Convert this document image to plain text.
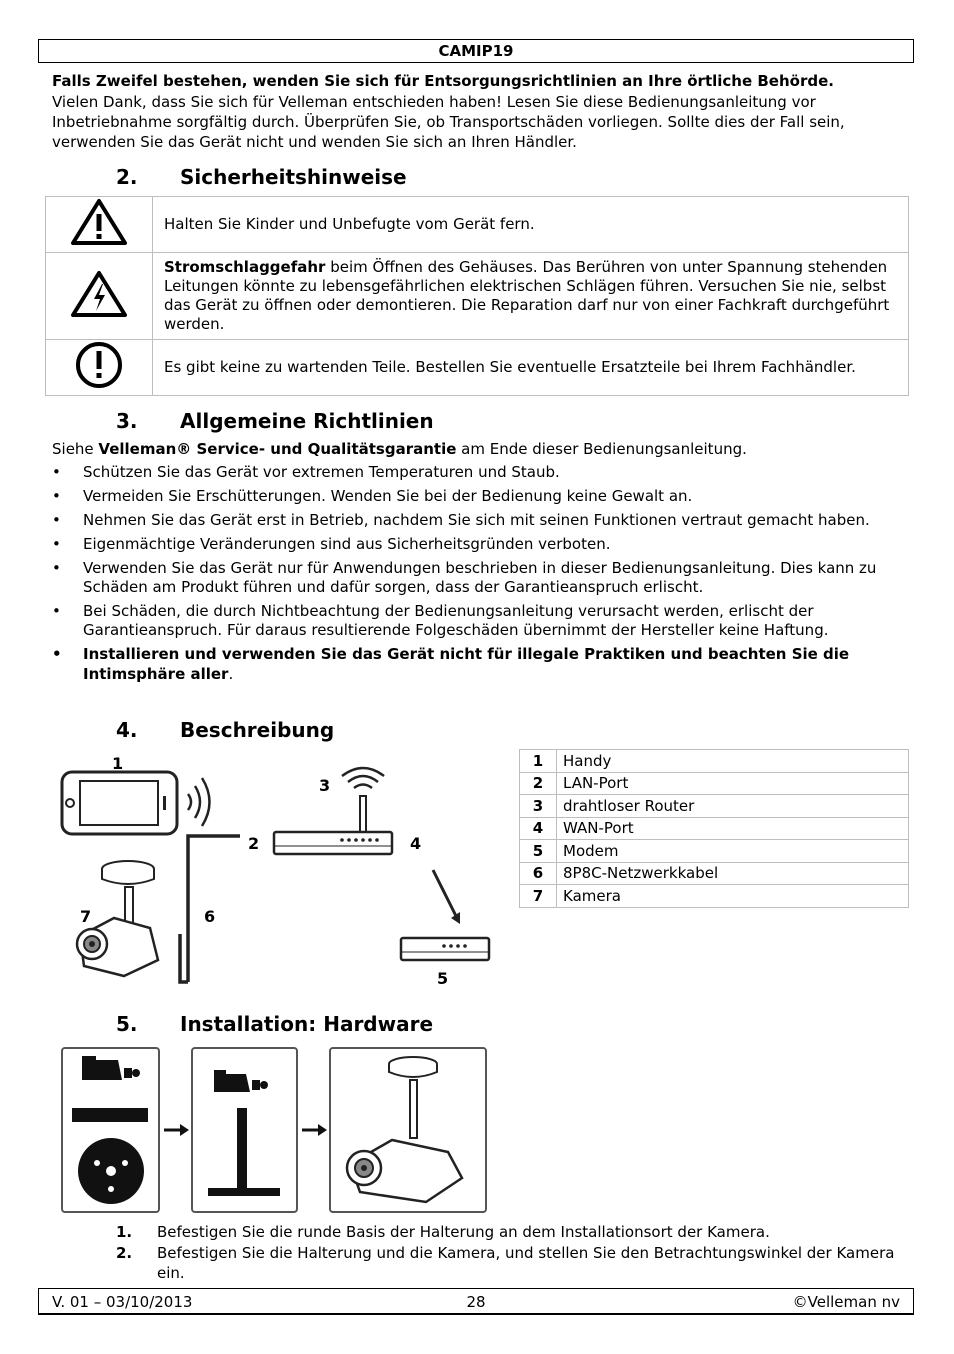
CAMIP19
Falls Zweifel bestehen, wenden Sie sich für Entsorgungsrichtlinien an Ihre örtliche Behörde.
Vielen Dank, dass Sie sich für Velleman entschieden haben! Lesen Sie diese Bedienungsanleitung vor Inbetriebnahme sorgfältig durch. Überprüfen Sie, ob Transportschäden vorliegen. Sollte dies der Fall sein, verwenden Sie das Gerät nicht und wenden Sie sich an Ihren Händler.
2. Sicherheitshinweise
	Halten Sie Kinder und Unbefugte vom Gerät fern.
	Stromschlaggefahr beim Öffnen des Gehäuses. Das Berühren von unter Spannung stehenden Leitungen könnte zu lebensgefährlichen elektrischen Schlägen führen. Versuchen Sie nie, selbst das Gerät zu öffnen oder demontieren. Die Reparation darf nur von einer Fachkraft durchgeführt werden.
	Es gibt keine zu wartenden Teile. Bestellen Sie eventuelle Ersatzteile bei Ihrem Fachhändler.
3. Allgemeine Richtlinien
Siehe Velleman® Service- und Qualitätsgarantie am Ende dieser Bedienungsanleitung.
• Schützen Sie das Gerät vor extremen Temperaturen und Staub.
• Vermeiden Sie Erschütterungen. Wenden Sie bei der Bedienung keine Gewalt an.
• Nehmen Sie das Gerät erst in Betrieb, nachdem Sie sich mit seinen Funktionen vertraut gemacht haben.
• Eigenmächtige Veränderungen sind aus Sicherheitsgründen verboten.
• Verwenden Sie das Gerät nur für Anwendungen beschrieben in dieser Bedienungsanleitung. Dies kann zu Schäden am Produkt führen und dafür sorgen, dass der Garantieanspruch erlischt.
• Bei Schäden, die durch Nichtbeachtung der Bedienungsanleitung verursacht werden, erlischt der Garantieanspruch. Für daraus resultierende Folgeschäden übernimmt der Hersteller keine Haftung.
• Installieren und verwenden Sie das Gerät nicht für illegale Praktiken und beachten Sie die Intimsphäre aller.
4. Beschreibung
1
2
3
4
5
6
7
1	Handy
2	LAN-Port
3	drahtloser Router
4	WAN-Port
5	Modem
6	8P8C-Netzwerkkabel
7	Kamera
5. Installation: Hardware
1. Befestigen Sie die runde Basis der Halterung an dem Installationsort der Kamera.
2. Befestigen Sie die Halterung und die Kamera, und stellen Sie den Betrachtungswinkel der Kamera ein.
28
V. 01 – 03/10/2013	©Velleman nv
